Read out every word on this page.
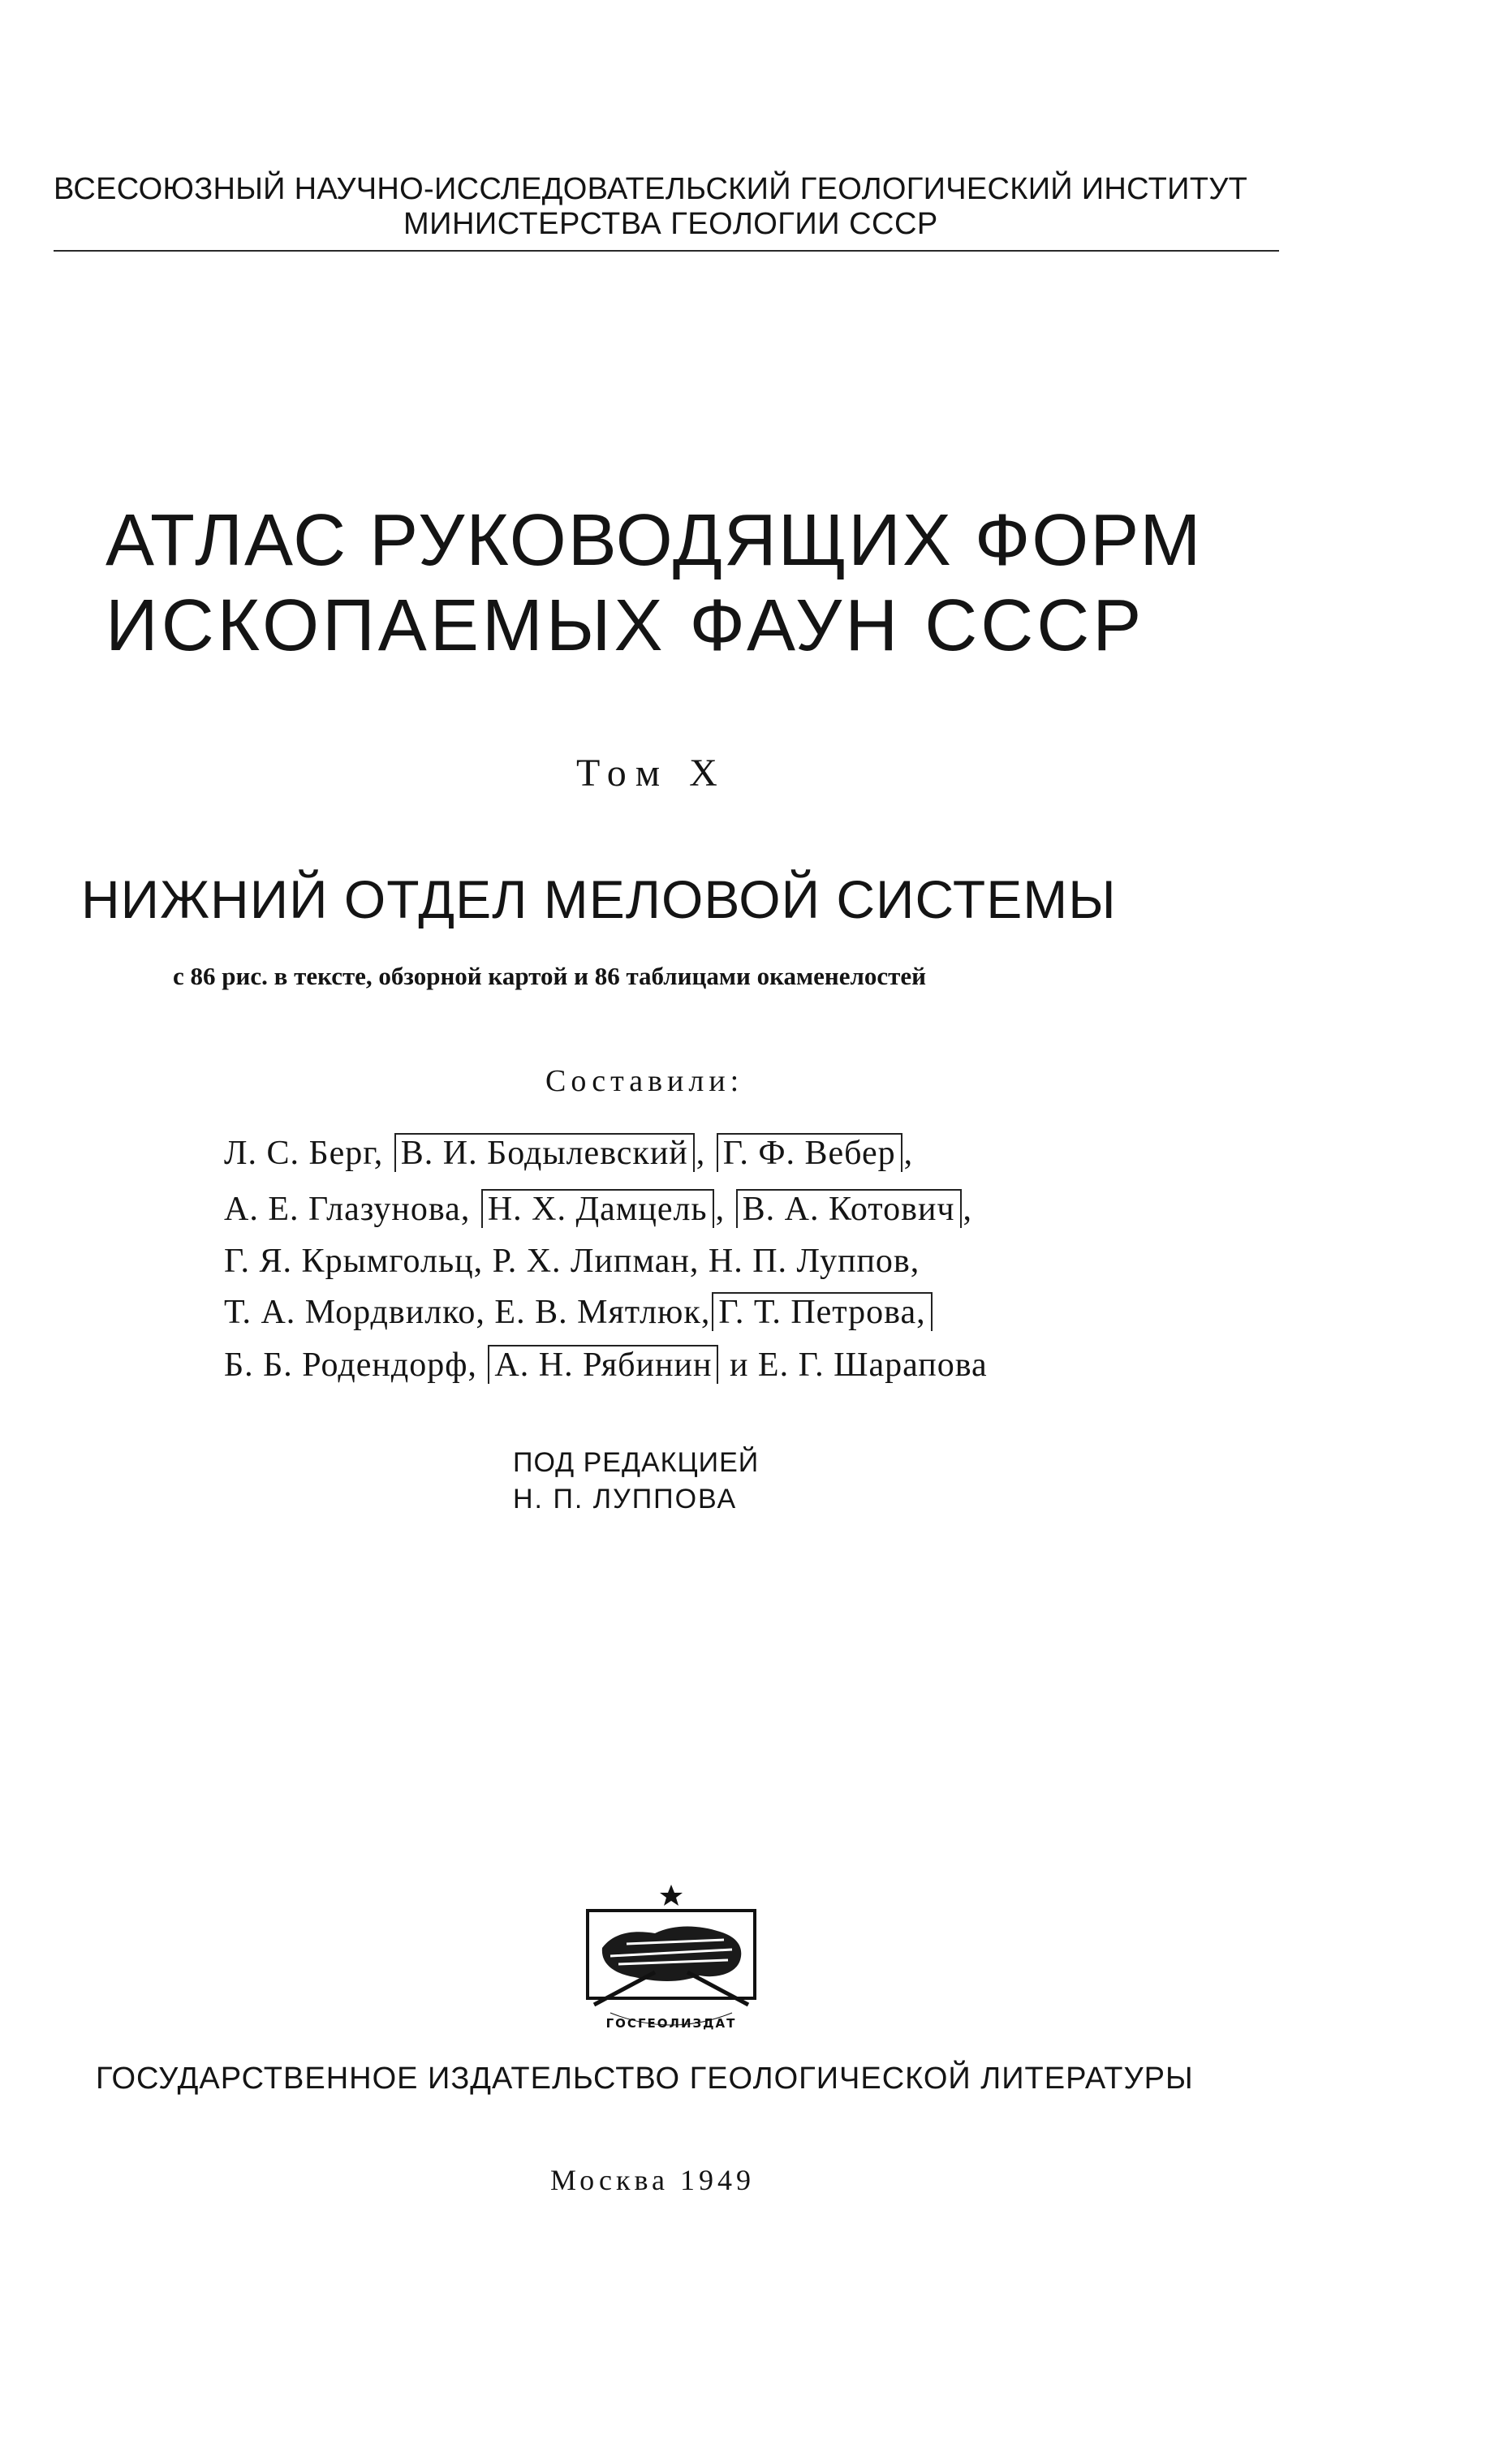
ВСЕСОЮЗНЫЙ НАУЧНО-ИССЛЕДОВАТЕЛЬСКИЙ ГЕОЛОГИЧЕСКИЙ ИНСТИТУТ
МИНИСТЕРСТВА ГЕОЛОГИИ СССР
АТЛАС РУКОВОДЯЩИХ ФОРМ
ИСКОПАЕМЫХ ФАУН СССР
Том X
НИЖНИЙ ОТДЕЛ МЕЛОВОЙ СИСТЕМЫ
с 86 рис. в тексте, обзорной картой и 86 таблицами окаменелостей
Составили:
Л. С. Берг, В. И. Бодылевский , Г. Ф. Вебер ,
А. Е. Глазунова, Н. Х. Дамцель , В. А. Котович ,
Г. Я. Крымгольц, Р. Х. Липман, Н. П. Луппов,
Т. А. Мордвилко, Е. В. Мятлюк, Г. Т. Петрова,
Б. Б. Родендорф, А. Н. Рябинин и Е. Г. Шарапова
ПОД РЕДАКЦИЕЙ
Н. П. ЛУППОВА
ГОСГЕОЛИЗДАТ
ГОСУДАРСТВЕННОЕ ИЗДАТЕЛЬСТВО ГЕОЛОГИЧЕСКОЙ ЛИТЕРАТУРЫ
Москва 1949
